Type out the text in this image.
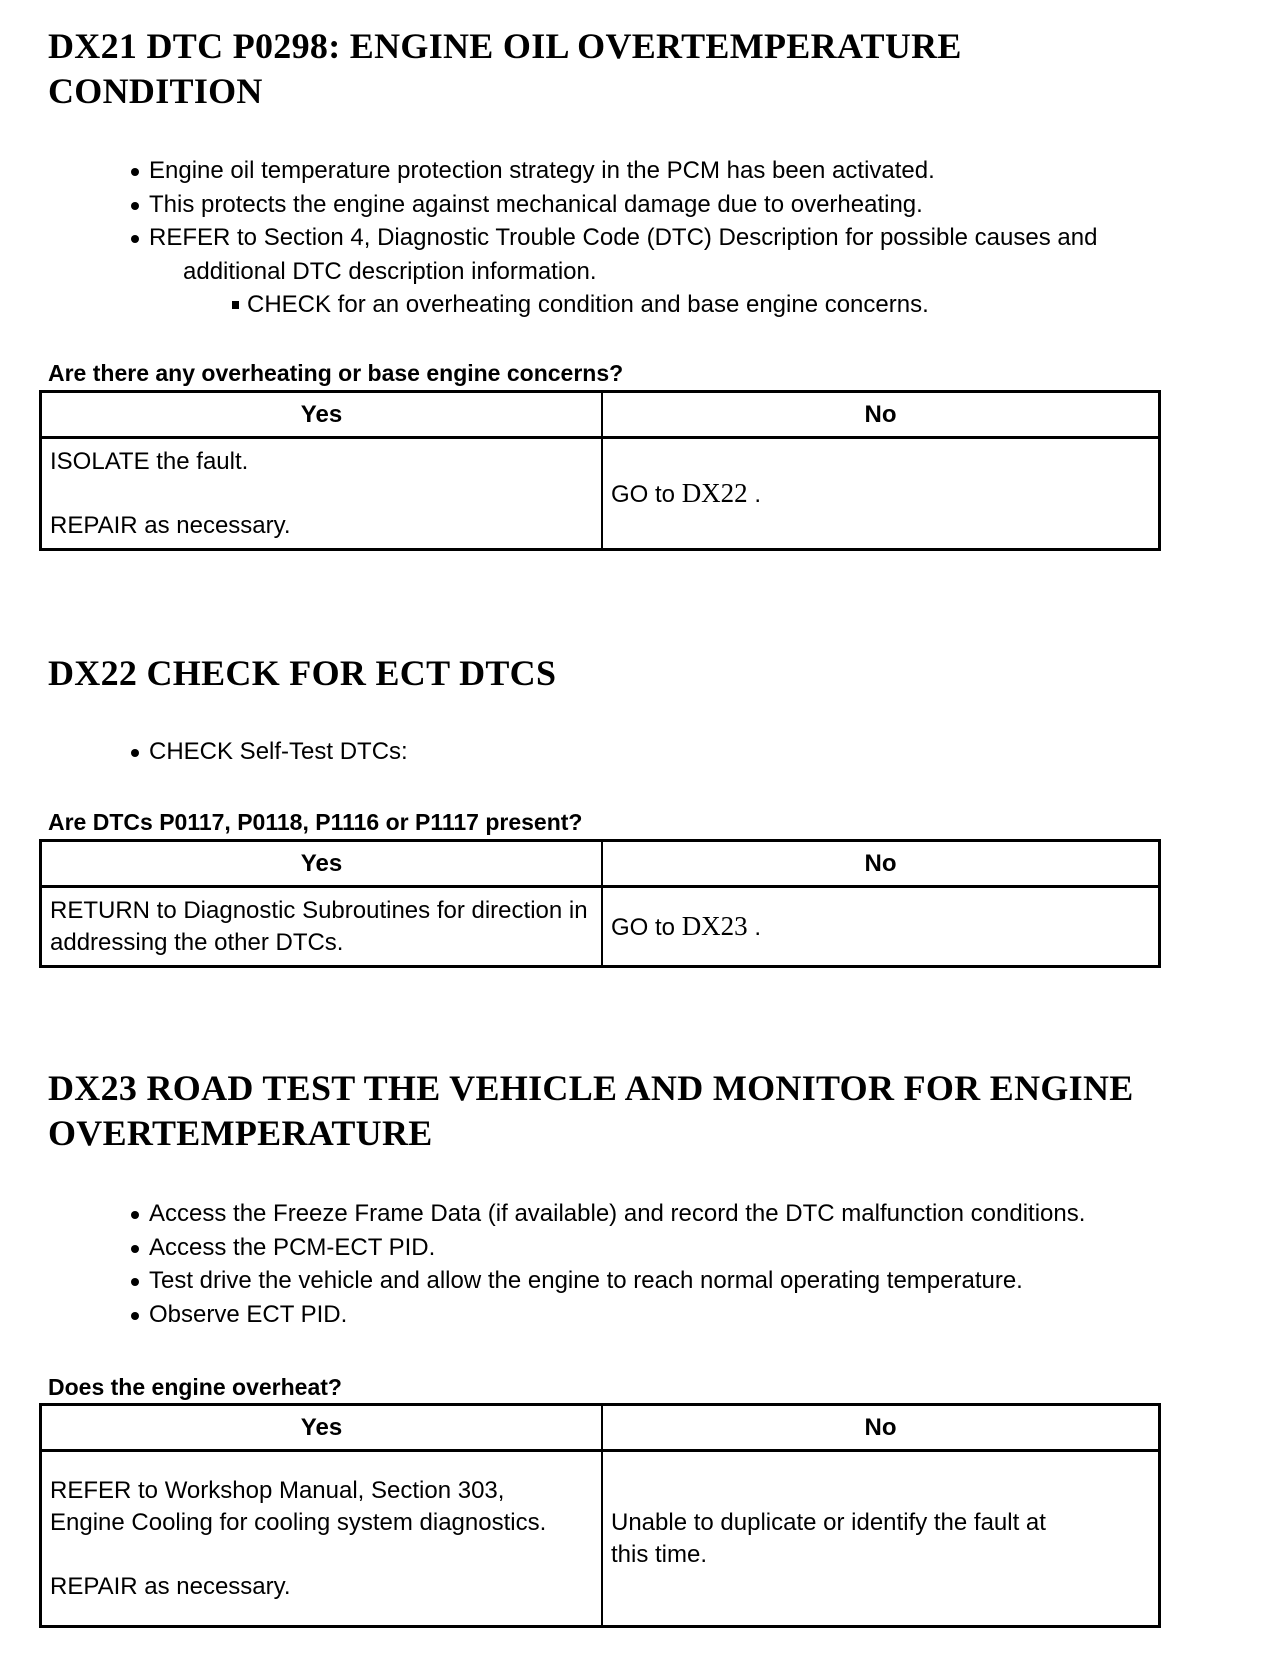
DX21 DTC P0298: ENGINE OIL OVERTEMPERATURE
CONDITION
Engine oil temperature protection strategy in the PCM has been activated.
This protects the engine against mechanical damage due to overheating.
REFER to Section 4, Diagnostic Trouble Code (DTC) Description for possible causes and
additional DTC description information.
CHECK for an overheating condition and base engine concerns.
Are there any overheating or base engine concerns?
Yes	No

ISOLATE the fault.
REPAIR as necessary.	GO to DX22 .
DX22 CHECK FOR ECT DTCS
CHECK Self-Test DTCs:
Are DTCs P0117, P0118, P1116 or P1117 present?
Yes	No

RETURN to Diagnostic Subroutines for direction in addressing the other DTCs.	GO to DX23 .
DX23 ROAD TEST THE VEHICLE AND MONITOR FOR ENGINE
OVERTEMPERATURE
Access the Freeze Frame Data (if available) and record the DTC malfunction conditions.
Access the PCM-ECT PID.
Test drive the vehicle and allow the engine to reach normal operating temperature.
Observe ECT PID.
Does the engine overheat?
Yes	No

REFER to Workshop Manual, Section 303, Engine Cooling for cooling system diagnostics.
REPAIR as necessary.	Unable to duplicate or identify the fault at this time.
